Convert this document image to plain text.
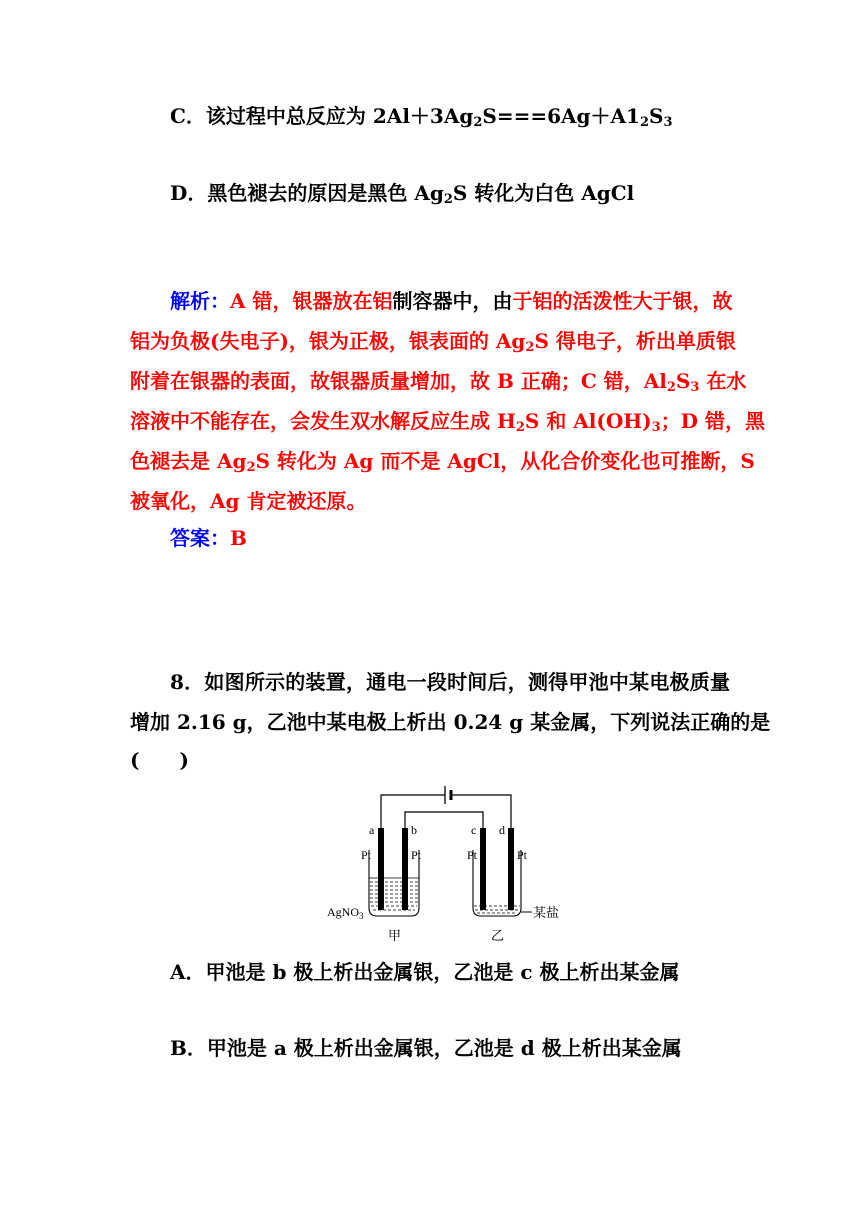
C．该过程中总反应为 $2Al+3Ag_2S===6Ag+A1_2S_3$
D．黑色褪去的原因是黑色 $Ag_2S$ 转化为白色 AgCl
解析：A 错，银器放在铝制容器中，由于铝的活泼性大于银，故
铝为负极(失电子)，银为正极，银表面的 $Ag_2S$ 得电子，析出单质银
附着在银器的表面，故银器质量增加，故 B 正确；C 错，$Al_2S_3$ 在水
溶液中不能存在，会发生双水解反应生成 $H_2S$ 和 $Al(OH)_3$；D 错，黑
色褪去是 $Ag_2S$ 转化为 Ag 而不是 AgCl，从化合价变化也可推断，S
被氧化，Ag 肯定被还原。
答案：B
8．如图所示的装置，通电一段时间后，测得甲池中某电极质量
增加 2.16 g，乙池中某电极上析出 0.24 g 某金属，下列说法正确的是
(　　)
a	b	c d
Pt	Pt	Pt	Pt
AgNO$_3$	某盐
甲	乙
A．甲池是 b 极上析出金属银，乙池是 c 极上析出某金属
B．甲池是 a 极上析出金属银，乙池是 d 极上析出某金属
